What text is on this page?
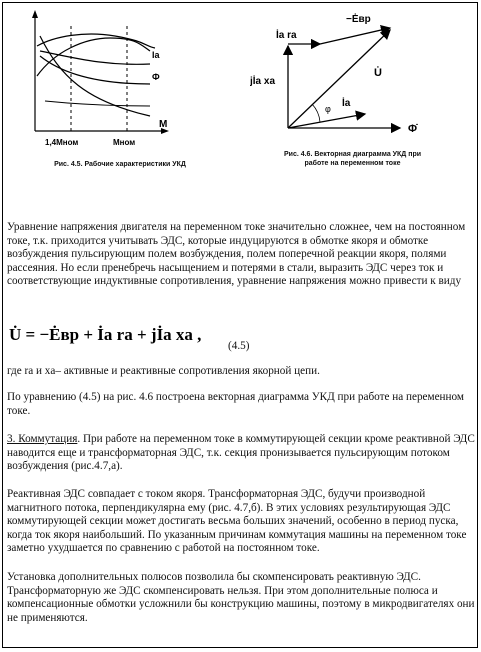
Ia
Ф
M
1,4Mном	Mном
Рис. 4.5. Рабочие характеристики УКД
İa ra
−Ėвр
jİa xa
U̇
φ İa
Φ̇
Рис. 4.6. Векторная диаграмма УКД при
работе на переменном токе

Уравнение напряжения двигателя на переменном токе значительно сложнее, чем на постоянном токе, т.к. приходится учитывать ЭДС, которые индуцируются в обмотке якоря и обмотке возбуждения пульсирующим полем возбуждения, полем поперечной реакции якоря, полями рассеяния. Но если пренебречь насыщением и потерями в стали, выразить ЭДС через ток и соответствующие индуктивные сопротивления, уравнение напряжения можно привести к виду

U̇ = −Ėвр + İa ra + jİa xa ,
(4.5)

где rа и xа– активные и реактивные сопротивления якорной цепи.

По уравнению (4.5) на рис. 4.6 построена векторная диаграмма УКД при работе на переменном токе.

3. Коммутация. При работе на переменном токе в коммутирующей секции кроме реактивной ЭДС наводится еще и трансформаторная ЭДС, т.к. секция пронизывается пульсирующим потоком возбуждения (рис.4.7,а).

Реактивная ЭДС совпадает с током якоря. Трансформаторная ЭДС, будучи производной магнитного потока, перпендикулярна ему (рис. 4.7,б). В этих условиях результирующая ЭДС коммутирующей секции может достигать весьма больших значений, особенно в период пуска, когда ток якоря наибольший. По указанным причинам коммутация машины на переменном токе заметно ухудшается по сравнению с работой на постоянном токе.

Установка дополнительных полюсов позволила бы скомпенсировать реактивную ЭДС. Трансформаторную же ЭДС скомпенсировать нельзя. При этом дополнительные полюса и компенсационные обмотки усложнили бы конструкцию машины, поэтому в микродвигателях они не применяются.
